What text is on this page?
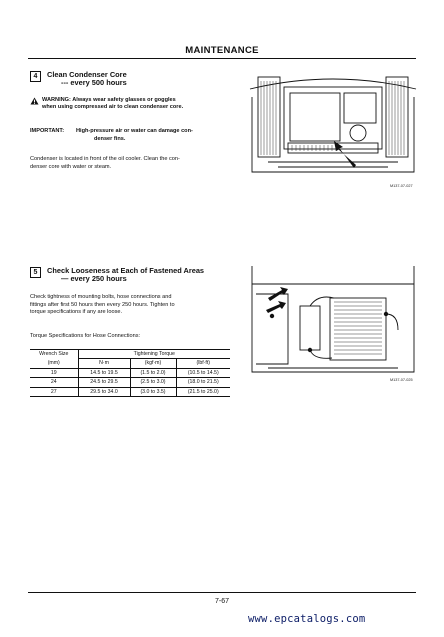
MAINTENANCE
4	Clean Condenser Core
--- every 500 hours
WARNING: Always wear safety glasses or goggles
when using compressed air to clean condenser core.
IMPORTANT: High-pressure air or water can damage con-
denser fins.
Condenser is located in front of the oil cooler. Clean the con-
denser core with water or steam.
M137-07-027
5	Check Looseness at Each of Fastened Areas
— every 250 hours
Check tightness of mounting bolts, hose connections and
fittings after first 50 hours then every 250 hours. Tighten to
torque specifications if any are loose.
Torque Specifications for Hose Connections:
Wrench Size	Tightening Torque		
(mm)	N·m	(kgf·m)	(lbf·ft)
19	14.5 to 19.5	(1.5 to 2.0)	(10.5 to 14.5)
24	24.5 to 29.5	(2.5 to 3.0)	(18.0 to 21.5)
27	29.5 to 34.0	(3.0 to 3.5)	(21.5 to 25.0)
M137-07-025
7-67
www.epcatalogs.com
